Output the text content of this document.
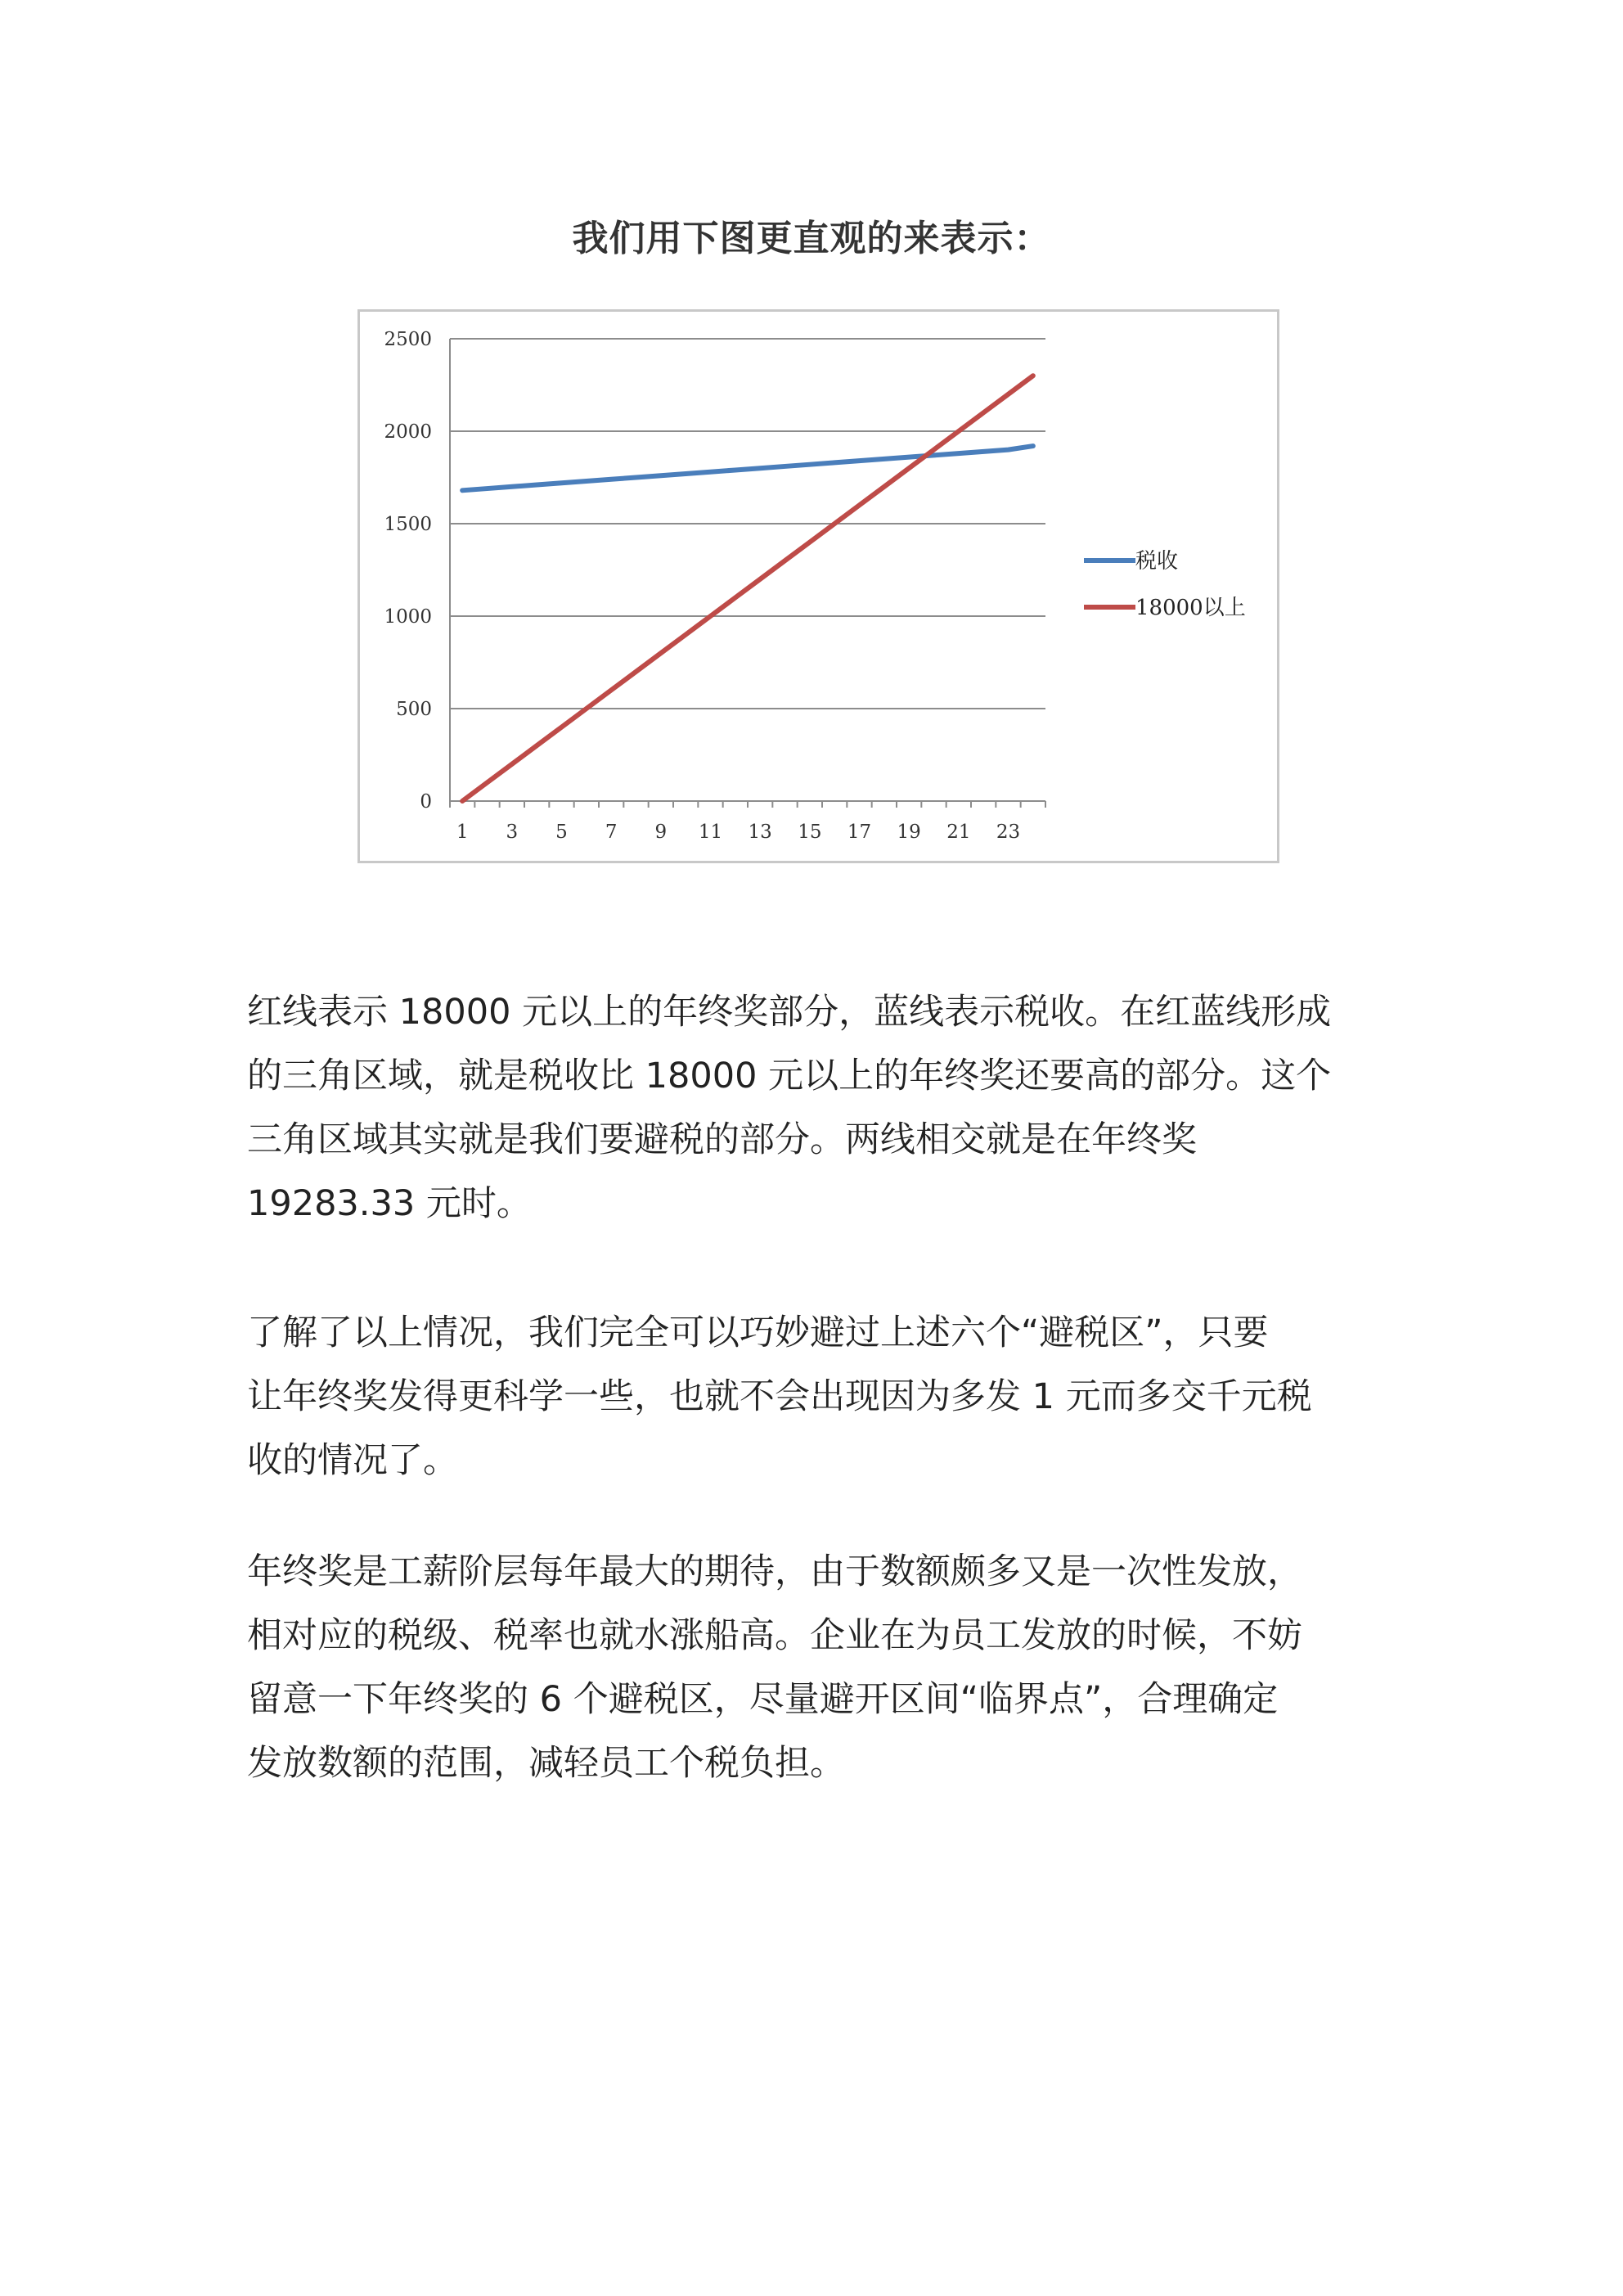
我们用下图更直观的来表示：
0
500
1000
1500
2000
2500
1 3 5 7 9 11 13 15 17 19 21 23
税收
18000以上

红线表示 18000 元以上的年终奖部分，蓝线表示税收。在红蓝线形成
的三角区域，就是税收比 18000 元以上的年终奖还要高的部分。这个
三角区域其实就是我们要避税的部分。两线相交就是在年终奖
19283.33 元时。

了解了以上情况，我们完全可以巧妙避过上述六个“避税区”，只要
让年终奖发得更科学一些，也就不会出现因为多发 1 元而多交千元税
收的情况了。

年终奖是工薪阶层每年最大的期待，由于数额颇多又是一次性发放，
相对应的税级、税率也就水涨船高。企业在为员工发放的时候，不妨
留意一下年终奖的 6 个避税区，尽量避开区间“临界点”，合理确定
发放数额的范围，减轻员工个税负担。
